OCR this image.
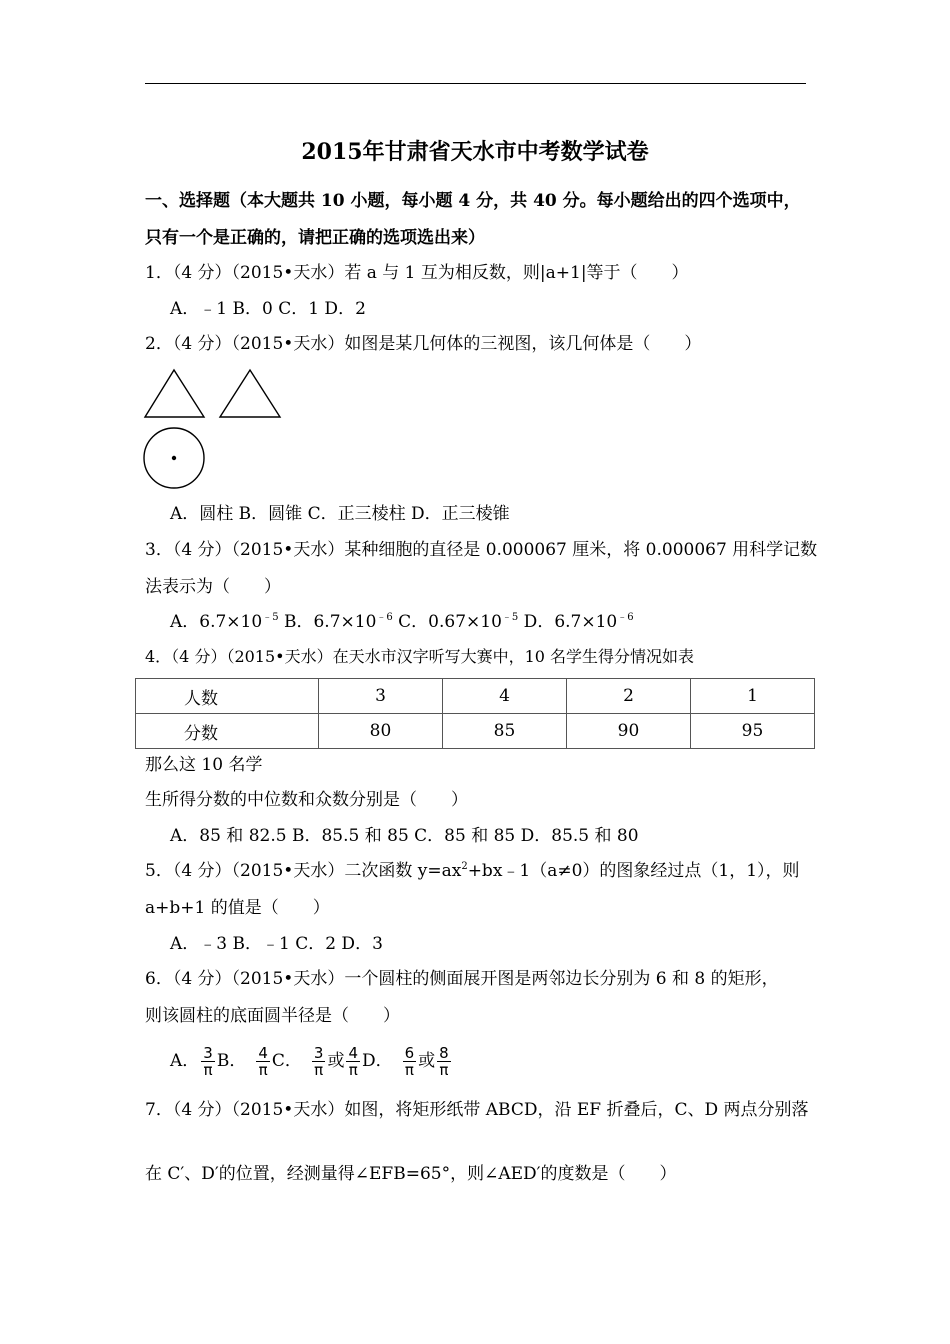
2015年甘肃省天水市中考数学试卷
一、选择题（本大题共 10 小题，每小题 4 分，共 40 分。每小题给出的四个选项中，
只有一个是正确的，请把正确的选项选出来）
1．（4 分）（2015•天水）若 a 与 1 互为相反数，则|a+1|等于（　　）
A．﹣1 B．0 C．1 D．2
2．（4 分）（2015•天水）如图是某几何体的三视图，该几何体是（　　）
A．圆柱 B．圆锥 C．正三棱柱 D．正三棱锥
3．（4 分）（2015•天水）某种细胞的直径是 0.000067 厘米，将 0.000067 用科学记数
法表示为（　　）
A．$6.7\times 10^{﹣5}$ B．$6.7\times 10^{﹣6}$ C．$0.67\times 10^{﹣5}$ D．$6.7\times 10^{﹣6}$
4．（4 分）（2015•天水）在天水市汉字听写大赛中，10 名学生得分情况如表
人数	3	4	2	1
分数	80	85	90	95
那么这 10 名学
生所得分数的中位数和众数分别是（　　）
A．85 和 82.5 B．85.5 和 85 C．85 和 85 D．85.5 和 80
5．（4 分）（2015•天水）二次函数 $y=ax^2+bx﹣1(a\ne 0)$的图象经过点（1，1），则
a+b+1 的值是（　　）
A．﹣3 B．﹣1 C．2 D．3
6．（4 分）（2015•天水）一个圆柱的侧面展开图是两邻边长分别为 6 和 8 的矩形，
则该圆柱的底面圆半径是（　　）
A． $\frac{3}{\pi}$ B． $\frac{4}{\pi}$ C． $\frac{3}{\pi}$ 或 $\frac{4}{\pi}$ D． $\frac{6}{\pi}$ 或 $\frac{8}{\pi}$
7．（4 分）（2015•天水）如图，将矩形纸带 ABCD，沿 EF 折叠后，C、D 两点分别落
在 C′、D′的位置，经测量得∠EFB=65°，则∠AED′的度数是（　　）
